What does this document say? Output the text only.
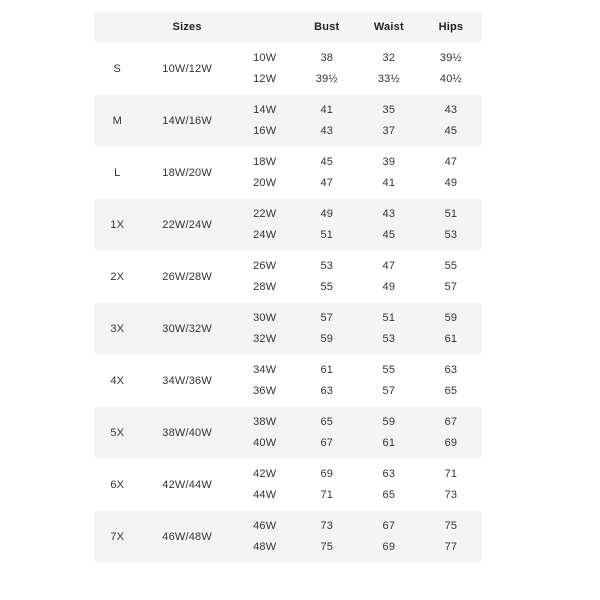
Sizes	Bust	Waist	Hips
S	10W/12W
10W	38	32	39½
12W	39½	33½	40½
M	14W/16W
14W	41	35	43
16W	43	37	45
L	18W/20W
18W	45	39	47
20W	47	41	49
1X	22W/24W
22W	49	43	51
24W	51	45	53
2X	26W/28W
26W	53	47	55
28W	55	49	57
3X	30W/32W
30W	57	51	59
32W	59	53	61
4X	34W/36W
34W	61	55	63
36W	63	57	65
5X	38W/40W
38W	65	59	67
40W	67	61	69
6X	42W/44W
42W	69	63	71
44W	71	65	73
7X	46W/48W
46W	73	67	75
48W	75	69	77
